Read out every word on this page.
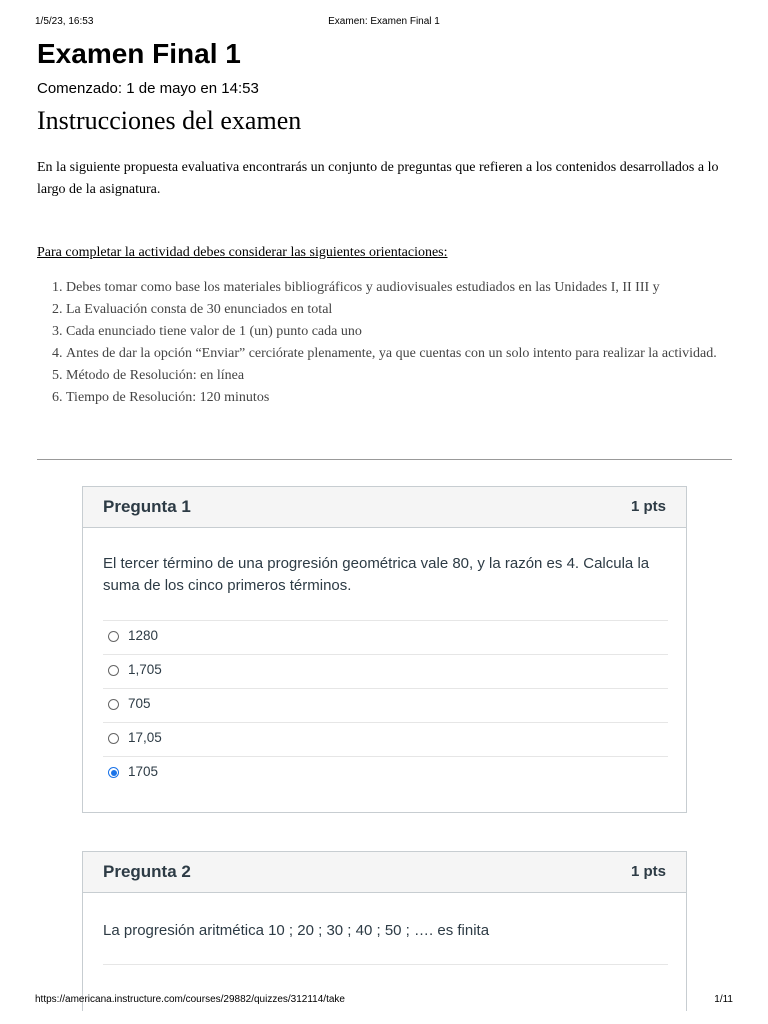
1/5/23, 16:53	Examen: Examen Final 1
Examen Final 1
Comenzado: 1 de mayo en 14:53
Instrucciones del examen

En la siguiente propuesta evaluativa encontrarás un conjunto de preguntas que refieren a los contenidos desarrollados a lo largo de la asignatura.

Para completar la actividad debes considerar las siguientes orientaciones:

1. Debes tomar como base los materiales bibliográficos y audiovisuales estudiados en las Unidades I, II III y
2. La Evaluación consta de 30 enunciados en total
3. Cada enunciado tiene valor de 1 (un) punto cada uno
4. Antes de dar la opción “Enviar” cerciórate plenamente, ya que cuentas con un solo intento para realizar la actividad.
5. Método de Resolución: en línea
6. Tiempo de Resolución: 120 minutos
Pregunta 1	1 pts

El tercer término de una progresión geométrica vale 80, y la razón es 4. Calcula la suma de los cinco primeros términos.

1280
1,705
705
17,05
1705
Pregunta 2	1 pts

La progresión aritmética 10 ; 20 ; 30 ; 40 ; 50 ; …. es finita

https://americana.instructure.com/courses/29882/quizzes/312114/take	1/11
